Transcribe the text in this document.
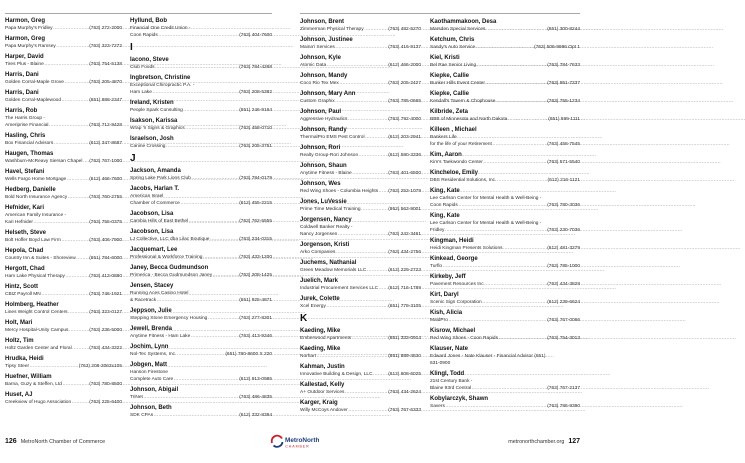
Harmon, Greg
Papa Murphy's Fridley .....	(763) 272-2000
Harmon, Greg
Papa Murphy's Ramsey .....	(763) 323-7272
Harper, David
Tires Plus - Blaine .....	(763) 754-5138
Harris, Dani
Golden Corral-Maple Grove .....	(763) 205-4870
Harris, Dani
Golden Corral-Maplewood .....	(651) 888-2347
Harris, Rob
The Harris Group -
Ameriprise Financial .....	(763) 712-9428
Hasling, Chris
Box Financial Advisors .....	(612) 347-8687
Haugen, Thomas
Washburn-McReavy Siersan Chapel ..... (763) 767-1000
Havel, Stefani
Wells Fargo Home Mortgage .....	(612) 466-7600
Hedberg, Danielle
Bold North Insurance Agency .....	(763) 760-2755
Hefnider, Kari
American Family Insurance -
Kari Hefnider .....	(763) 755-0375
Helseth, Steve
Bolt Hoffer Boyd Law Firm .....	(763) 406-7900
Hepola, Chad
Country Inn & Suites - Shoreview .....	(651) 784-6000
Hergott, Chad
Ham Lake Physical Therapy .....	(763) 413-0880
Hintz, Scott
CBIZ Payroll MN .....	(763) 746-1921
Holmberg, Heather
Lines Weight Control Centers .....	(763) 323-0127
Holt, Mari
Mercy Hospital-Unity Campus .....	(763) 236-5000
Holtz, Tim
Holtz Garden Center and Floral .....	(763) 434-3322
Hrudka, Heidi
Tipsy Steer .....	(763) 208-3063x105
Huefner, William
Barna, Guzy & Steffen, Ltd .....	(763) 780-8500
Huset, AJ
Creekview of Hugo Association .....	(763) 225-6400
Hyllund, Bob
Financial One Credit Union -
Coon Rapids .....	(763) 404-7600
I
Iacono, Steve
Club Foods .....	(763) 784-4268
Ingbretson, Christine
Exceptional Chiropractic P.A. -
Ham Lake .....	(763) 208-5382
Ireland, Kristen
People Spark Consulting .....	(651) 246-9164
Isakson, Karissa
Wrap 'n Signs & Graphics .....	(763) 458-0710
Israelson, Josh
Canine Crossing .....	(763) 205-3751
J
Jackson, Amanda
Spring Lake Park Lions Club .....	(763) 784-0179
Jacobs, Harlan T.
American Israel
Chamber of Commerce .....	(612) 455-2215
Jacobson, Lisa
Cambia Hills of East Bethel .....	(763) 762-5555
Jacobson, Lisa
LJ Collective, LLC dba Lilac Boutique .....	(763) 234-0315
Jacquemart, Lee
Professional & Workforce Training .....	(763) 433-1200
Janey, Becca Gudmundson
Primerica - Becca Gudmundson Janey .....	(763) 208-1425
Jensen, Stacey
Running Aces Casino Hotel
& Racetrack .....	(651) 925-4871
Jeppson, Julie
Stepping Stone Emergency Housing .....	(763) 277-8301
Jewell, Brenda
Anytime Fitness - Ham Lake .....	(763) 413-9346
Jochim, Lynn
Nol-Tec Systems, Inc. .....	(651) 780-8600 X 220
Jobgen, Matt
Hanson Firestone
Complete Auto Care .....	(612) 913-0985
Johnson, Abigail
TriNet .....	(763) 486-4835
Johnson, Beth
SDK CPAs .....	(612) 332-8394
126 MetroNorth Chamber of Commerce
Johnson, Brent
Zimmerman Physical Therapy .....	(763) 482-5270
Johnson, Justinee
Maina'i Services .....	(763) 416-9137
Johnson, Kyle
Atomic Data .....	(612) 466-2000
Johnson, Mandy
Coco Rio Tex Mex .....	(763) 205-2427
Johnson, Mary Ann
Custom Graphix .....	(763) 785-0665
Johnson, Paul
Aggressive Hydraulics .....	(763) 792-4000
Johnson, Randy
ThermalPro EMS Pest Control .....	(612) 203-2941
Johnson, Rori
Realty Group-Rori Johnson .....	(612) 590-3336
Johnson, Shaun
Anytime Fitness - Blaine .....	(763) 401-6500
Johnson, Wes
Red Wing Shoes - Columbia Heights ..... (763) 253-1079
Jones, LuVessie
Prime Time Medical Training .....	(952) 563-9001
Jorgensen, Nancy
Coldwell Banker Realty -
Nancy Jorgensen .....	(763) 242-3461
Jorgenson, Kristi
Arko Companies .....	(763) 434-2756
Juchems, Nathanial
Green Meadow Memorials LLC .....	(612) 229-2723
Juelich, Mark
Industrial Procurement Services LLC ..... (612) 716-1789
Jurek, Colette
Xcel Energy .....	(651) 779-3105
K
Kaeding, Mike
Emberwood Apartments .....	(651) 333-0914
Kaeding, Mike
Norhart .....	(651) 689-4830
Kahman, Justin
Innovative Building & Design, LLC .....	(612) 808-6025
Kallestad, Kelly
A+ Outdoor Services .....	(763) 434-2624
Karger, Kraig
Willy McCoys Andover .....	(763) 767-6333
Kaothammakoon, Desa
Marsden Special Services .....	(651) 300-8244
Ketchum, Chris
Sandy's Auto Service .....	(763) 506-9996 Opt 1
Kiel, Kristi
Bel Rae Senior Living .....	(763) 784-7633
Kiepke, Callie
Bunker Hills Event Center .....	(763) 951-7237
Kiepke, Callie
Kendall's Tavern & Chophouse .....	(763) 755-1234
Kilbride, Zeta
BBB of Minnesota and North Dakota .....	(651) 699-1111
Killeen , Michael
Bankers Life
for the life of your Retirement .....	(763) 458-7545
Kim, Aaron
Kim's Taekwondo Center .....	(763) 571-5540
Kincheloe, Emily
DBS Residential Solutions, Inc. .....	(612) 216-1121
King, Kate
Lee Carlson Center for Mental Health & Well-Being -
Coon Rapids .....	(763) 780-3036
King, Kate
Lee Carlson Center for Mental Health & Well-Being -
Fridley .....	(763) 230-7036
Kingman, Heidi
Heidi Kingman Presents Solutions .....	(612) 481-3279
Kinkead, George
Turflo .....	(763) 785-1000
Kirkeby, Jeff
Pavement Resources Inc .....	(763) 434-3828
Kirt, Daryl
Scenic Sign Corporation .....	(612) 239-6624
Kish, Alicia
MaidPro .....	(763) 767-0066
Kisrow, Michael
Red Wing Shoes - Coon Rapids .....	(763) 754-3013
Klauser, Nate
Edward Jones - Nate Klauser - Financial Advisor (651)
631-0900
Klingl, Todd
21st Century Bank -
Blaine 93rd Central .....	(763) 767-2137
Kobylarczyk, Shawn
Savers .....	(763) 786-9390
metronorthchamber.org 127
MetroNorth
CHAMBER
